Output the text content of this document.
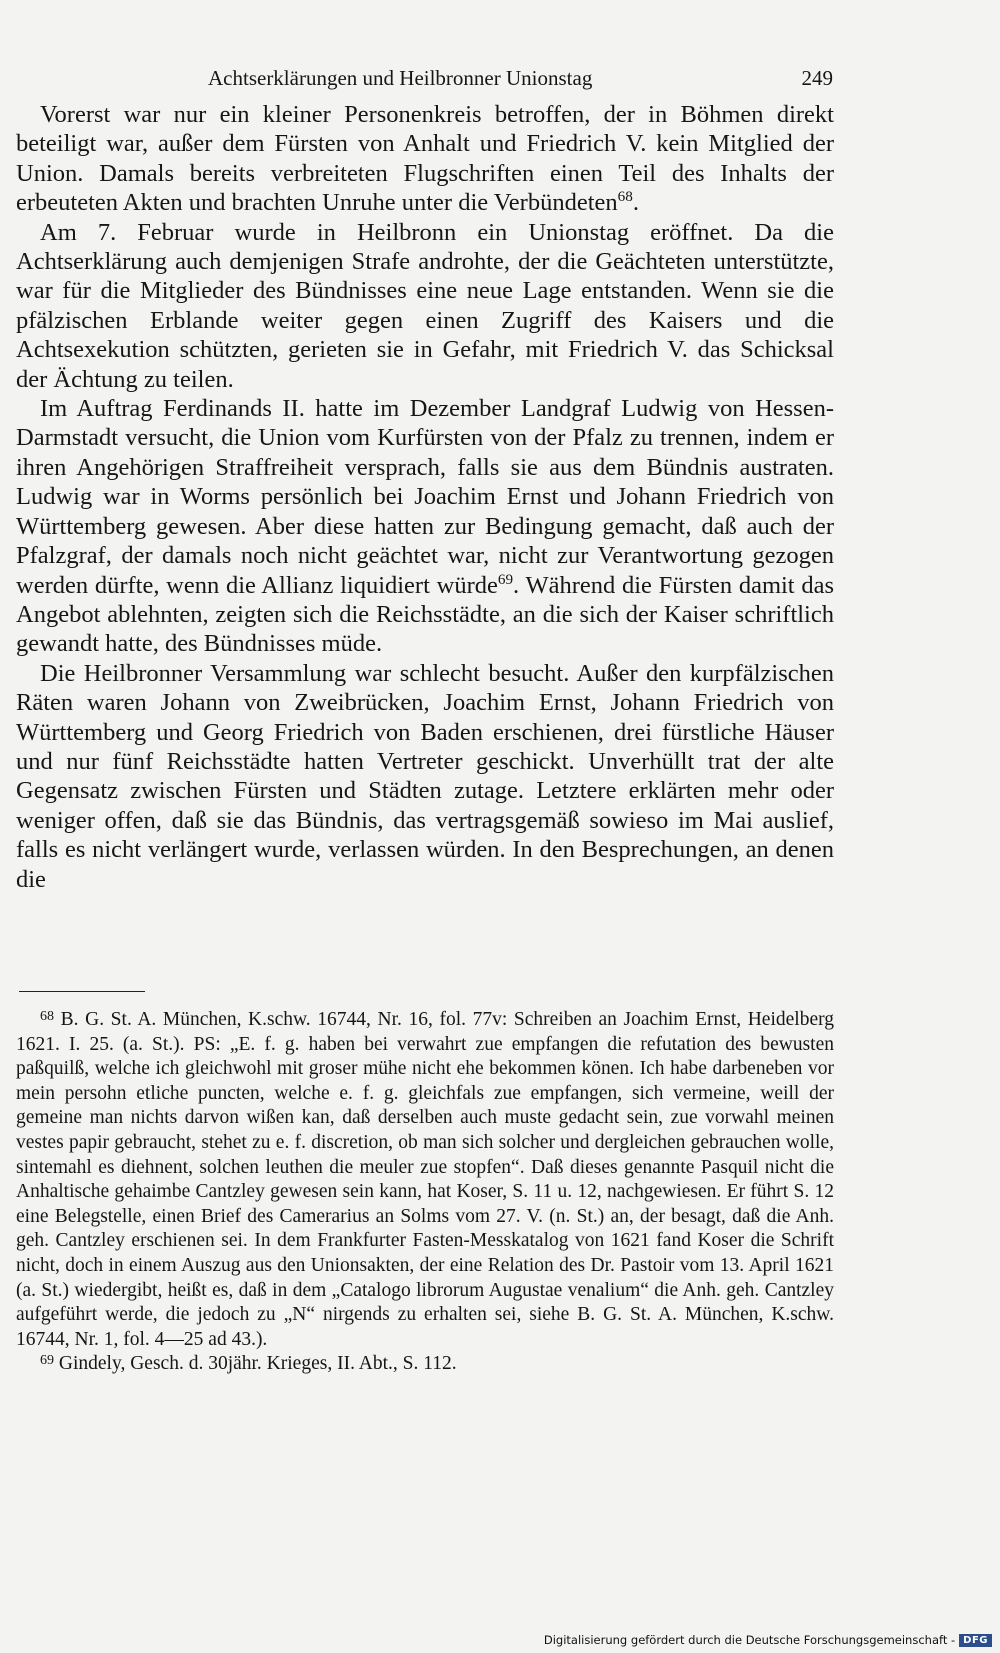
Achtserklärungen und Heilbronner Unionstag	249

Vorerst war nur ein kleiner Personenkreis betroffen, der in Böhmen direkt beteiligt war, außer dem Fürsten von Anhalt und Friedrich V. kein Mitglied der Union. Damals bereits verbreiteten Flugschriften einen Teil des Inhalts der erbeuteten Akten und brachten Unruhe unter die Verbündeten$^{68}$.

Am 7. Februar wurde in Heilbronn ein Unionstag eröffnet. Da die Achtserklärung auch demjenigen Strafe androhte, der die Geächteten unterstützte, war für die Mitglieder des Bündnisses eine neue Lage entstanden. Wenn sie die pfälzischen Erblande weiter gegen einen Zugriff des Kaisers und die Achtsexekution schützten, gerieten sie in Gefahr, mit Friedrich V. das Schicksal der Ächtung zu teilen.

Im Auftrag Ferdinands II. hatte im Dezember Landgraf Ludwig von Hessen-Darmstadt versucht, die Union vom Kurfürsten von der Pfalz zu trennen, indem er ihren Angehörigen Straffreiheit versprach, falls sie aus dem Bündnis austraten. Ludwig war in Worms persönlich bei Joachim Ernst und Johann Friedrich von Württemberg gewesen. Aber diese hatten zur Bedingung gemacht, daß auch der Pfalzgraf, der damals noch nicht geächtet war, nicht zur Verantwortung gezogen werden dürfte, wenn die Allianz liquidiert würde$^{69}$. Während die Fürsten damit das Angebot ablehnten, zeigten sich die Reichsstädte, an die sich der Kaiser schriftlich gewandt hatte, des Bündnisses müde.

Die Heilbronner Versammlung war schlecht besucht. Außer den kurpfälzischen Räten waren Johann von Zweibrücken, Joachim Ernst, Johann Friedrich von Württemberg und Georg Friedrich von Baden erschienen, drei fürstliche Häuser und nur fünf Reichsstädte hatten Vertreter geschickt. Unverhüllt trat der alte Gegensatz zwischen Fürsten und Städten zutage. Letztere erklärten mehr oder weniger offen, daß sie das Bündnis, das vertragsgemäß sowieso im Mai auslief, falls es nicht verlängert wurde, verlassen würden. In den Besprechungen, an denen die

$^{68}$ B. G. St. A. München, K.schw. 16744, Nr. 16, fol. 77v: Schreiben an Joachim Ernst, Heidelberg 1621. I. 25. (a. St.). PS: „E. f. g. haben bei verwahrt zue empfangen die refutation des bewusten paßquilß, welche ich gleichwohl mit groser mühe nicht ehe bekommen könen. Ich habe darbeneben vor mein persohn etliche puncten, welche e. f. g. gleichfals zue empfangen, sich vermeine, weill der gemeine man nichts darvon wißen kan, daß derselben auch muste gedacht sein, zue vorwahl meinen vestes papir gebraucht, stehet zu e. f. discretion, ob man sich solcher und dergleichen gebrauchen wolle, sintemahl es diehnent, solchen leuthen die meuler zue stopfen“. Daß dieses genannte Pasquil nicht die Anhaltische gehaimbe Cantzley gewesen sein kann, hat Koser, S. 11 u. 12, nachgewiesen. Er führt S. 12 eine Belegstelle, einen Brief des Camerarius an Solms vom 27. V. (n. St.) an, der besagt, daß die Anh. geh. Cantzley erschienen sei. In dem Frankfurter Fasten-Messkatalog von 1621 fand Koser die Schrift nicht, doch in einem Auszug aus den Unionsakten, der eine Relation des Dr. Pastoir vom 13. April 1621 (a. St.) wiedergibt, heißt es, daß in dem „Catalogo librorum Augustae venalium“ die Anh. geh. Cantzley aufgeführt werde, die jedoch zu „N“ nirgends zu erhalten sei, siehe B. G. St. A. München, K.schw. 16744, Nr. 1, fol. 4—25 ad 43.).

$^{69}$ Gindely, Gesch. d. 30jähr. Krieges, II. Abt., S. 112.

Digitalisierung gefördert durch die Deutsche Forschungsgemeinschaft - DFG
